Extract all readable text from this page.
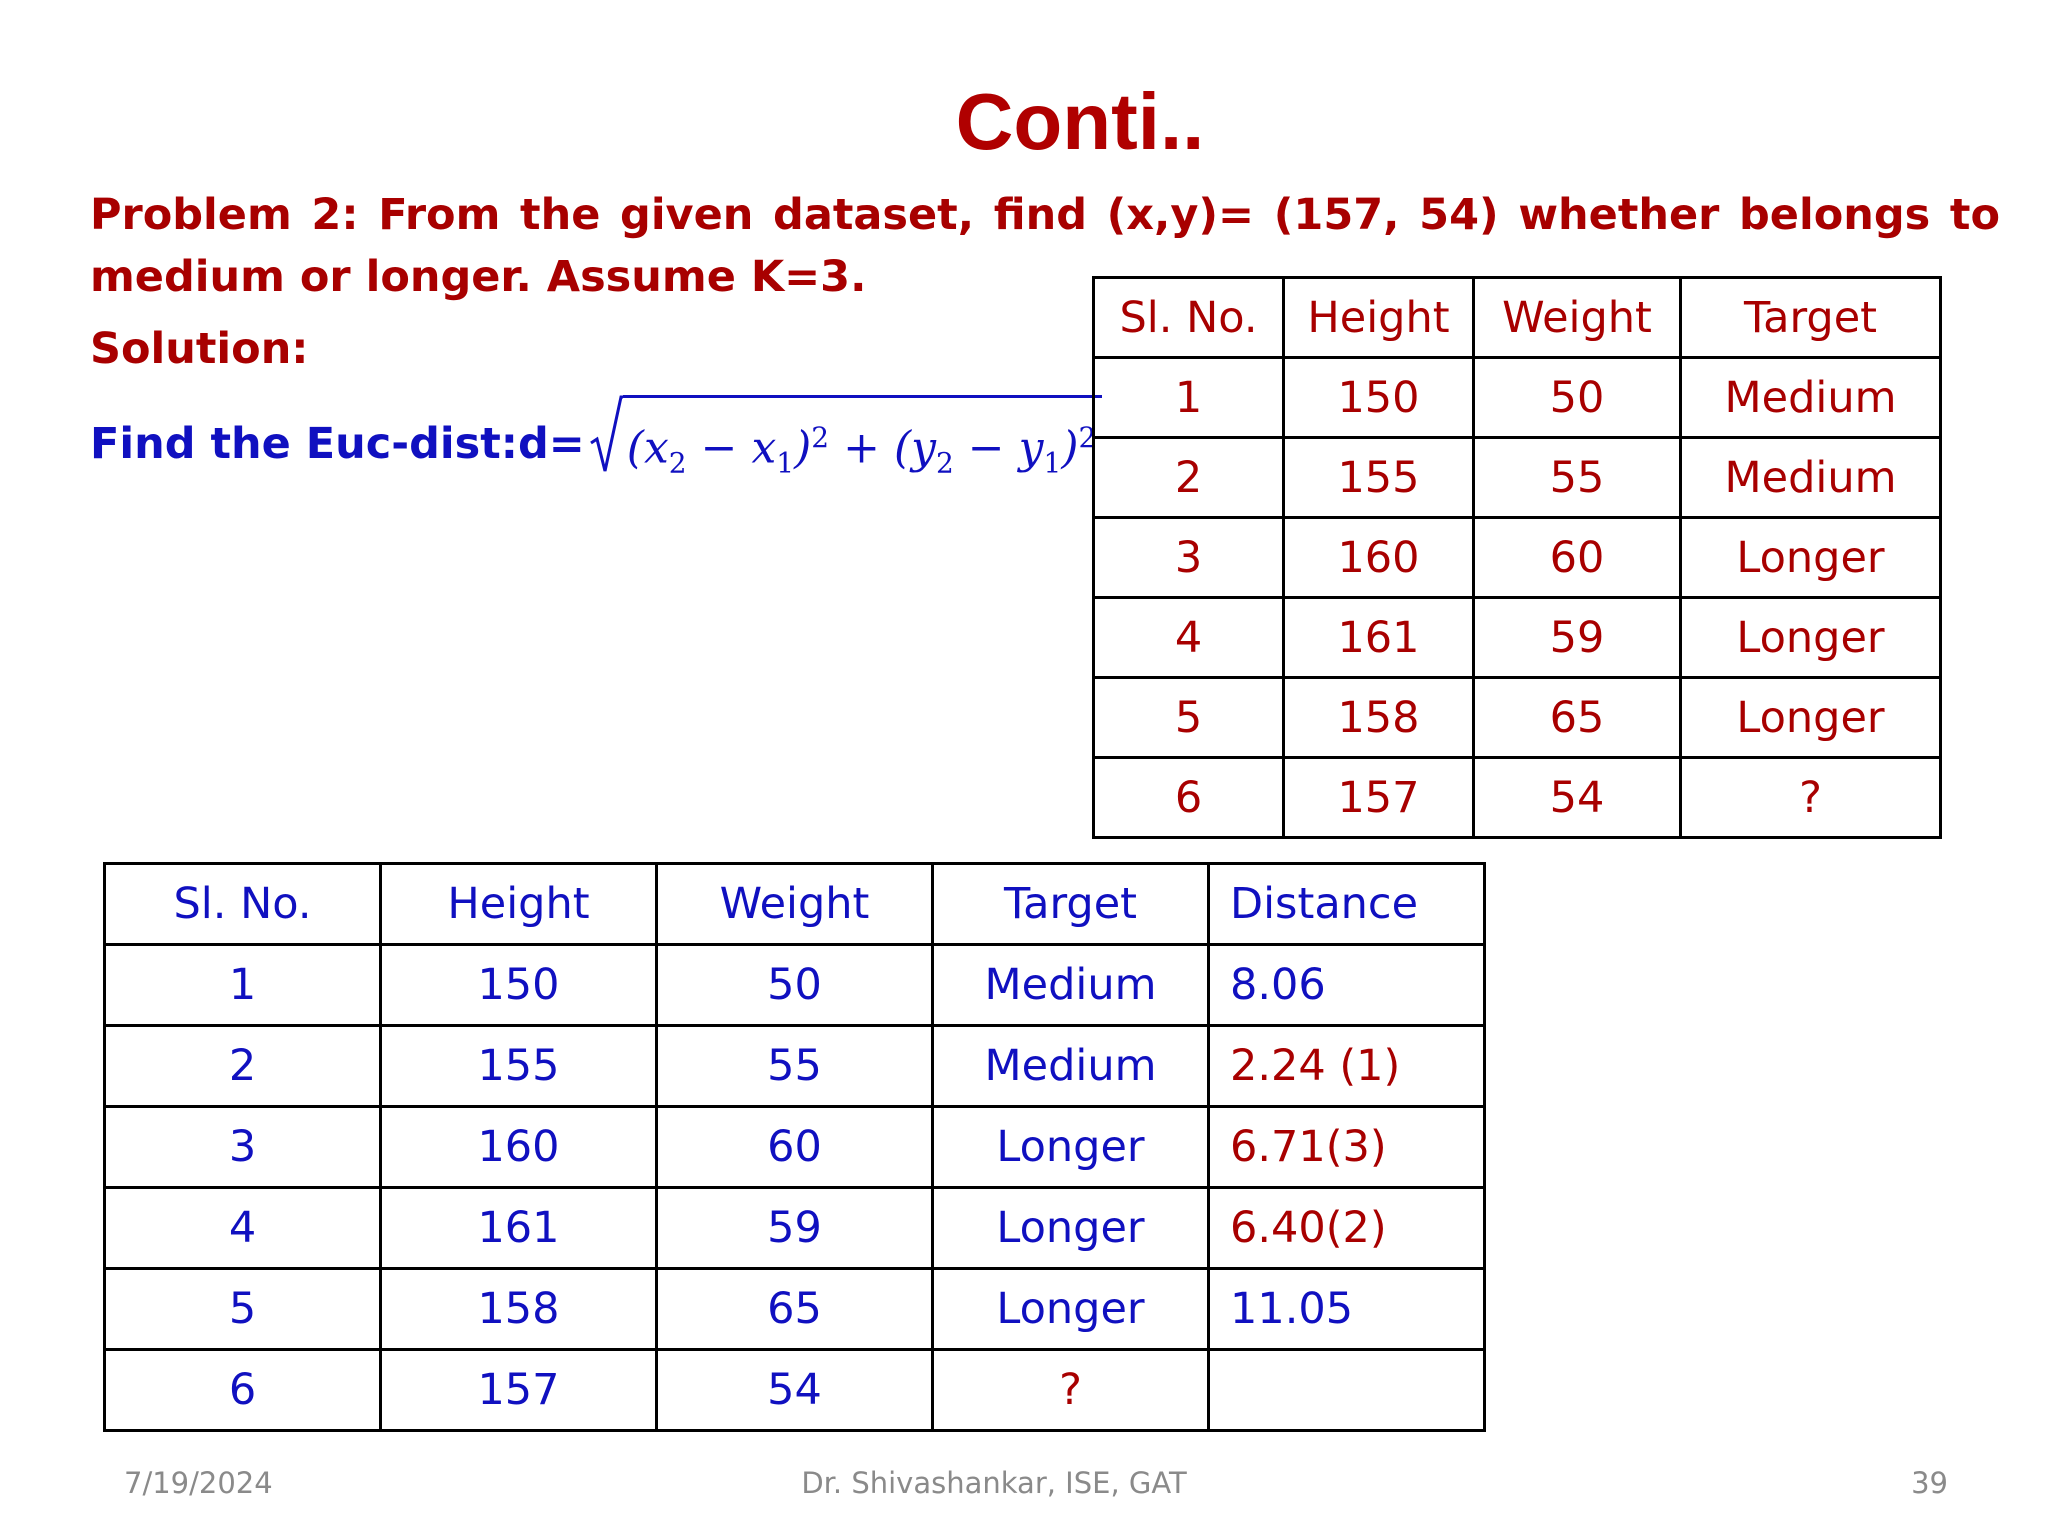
Conti..

Problem 2: From the given dataset, find (x,y)= (157, 54) whether belongs to medium or longer. Assume K=3.

Solution:

Find the Euc-dist:d= $(x_2 - x_1)^2 + (y_2 - y_1)^2$
Sl. No.	Height	Weight	Target
1	150	50	Medium
2	155	55	Medium
3	160	60	Longer
4	161	59	Longer
5	158	65	Longer
6	157	54	?
Sl. No.	Height	Weight	Target	Distance
1	150	50	Medium	8.06
2	155	55	Medium	2.24 (1)
3	160	60	Longer	6.71(3)
4	161	59	Longer	6.40(2)
5	158	65	Longer	11.05
6	157	54	?	
7/19/2024	Dr. Shivashankar, ISE, GAT	39
